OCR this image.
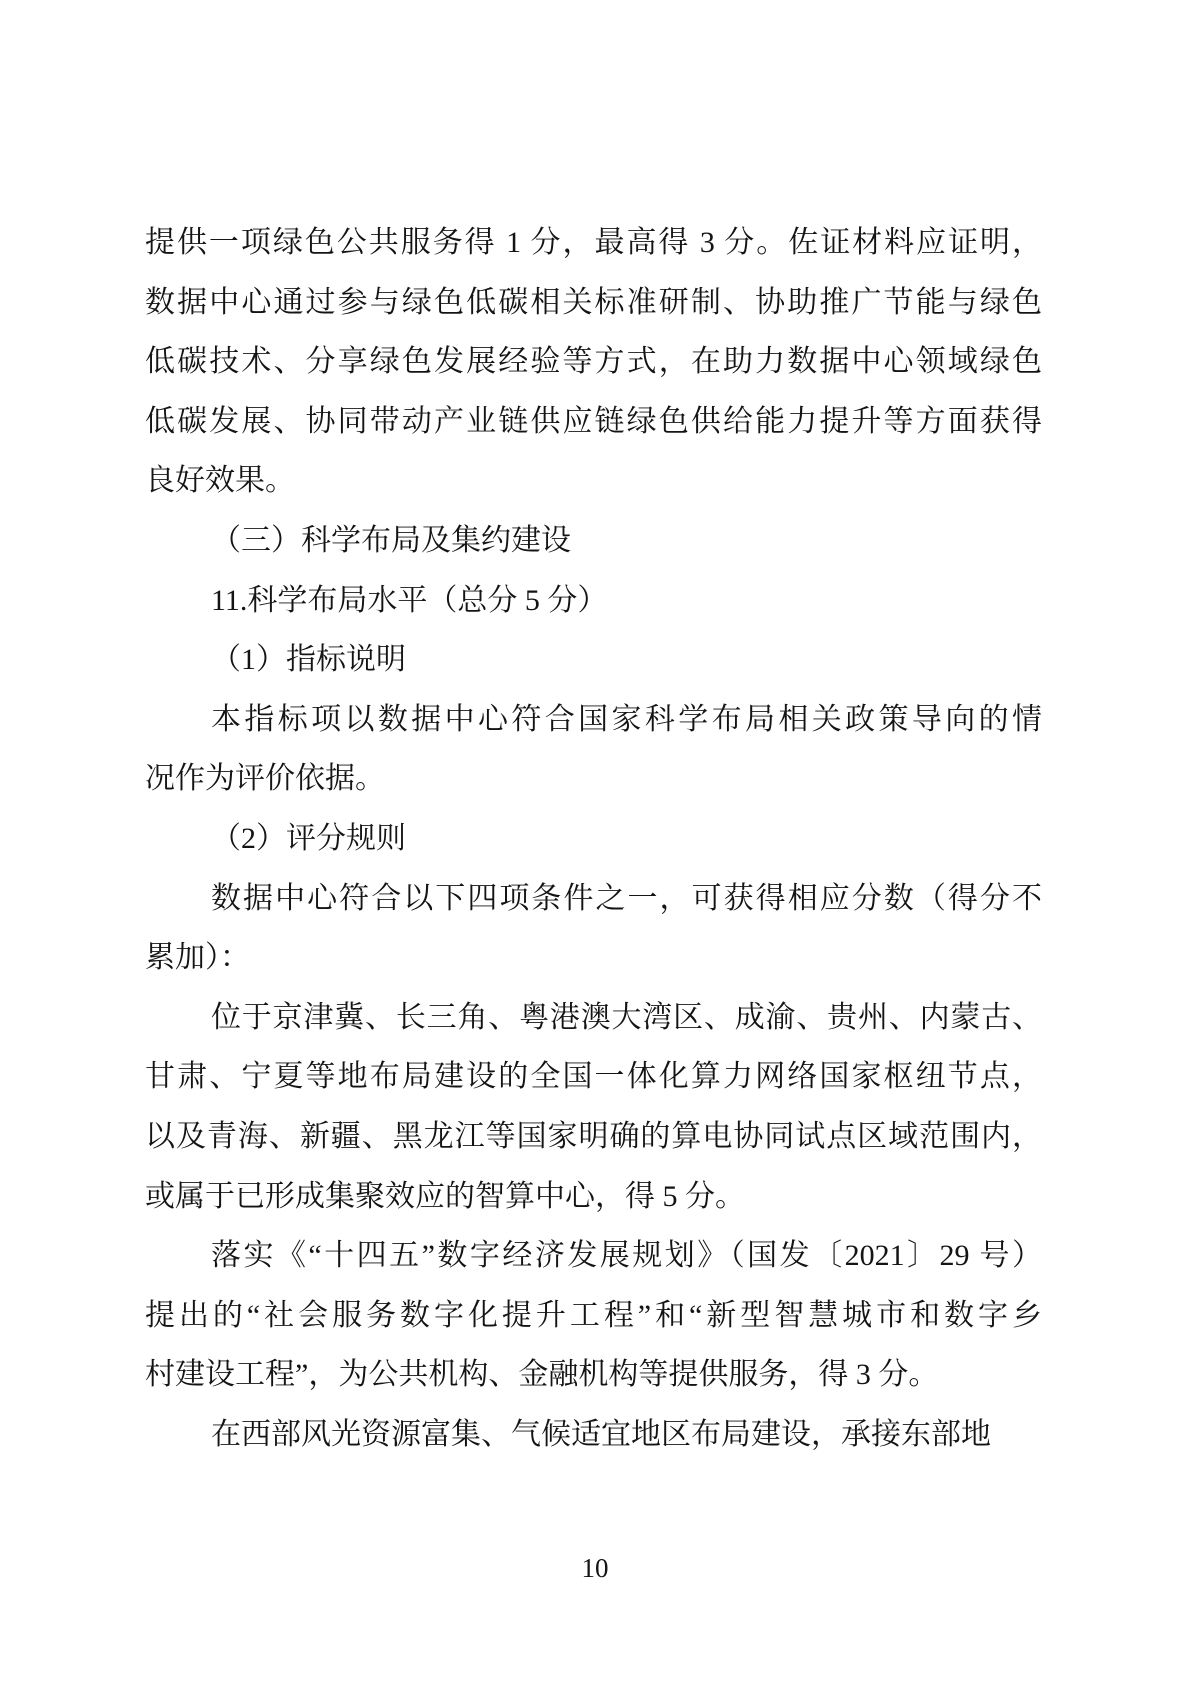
提供一项绿色公共服务得 1 分，最高得 3 分。佐证材料应证明，
数据中心通过参与绿色低碳相关标准研制、协助推广节能与绿色
低碳技术、分享绿色发展经验等方式，在助力数据中心领域绿色
低碳发展、协同带动产业链供应链绿色供给能力提升等方面获得
良好效果。
（三）科学布局及集约建设
11.科学布局水平（总分 5 分）
（1）指标说明
本指标项以数据中心符合国家科学布局相关政策导向的情
况作为评价依据。
（2）评分规则
数据中心符合以下四项条件之一，可获得相应分数（得分不
累加）：
位于京津冀、长三角、粤港澳大湾区、成渝、贵州、内蒙古、
甘肃、宁夏等地布局建设的全国一体化算力网络国家枢纽节点，
以及青海、新疆、黑龙江等国家明确的算电协同试点区域范围内，
或属于已形成集聚效应的智算中心，得 5 分。
落实《“十四五”数字经济发展规划》（国发〔2021〕29 号）
提出的“社会服务数字化提升工程”和“新型智慧城市和数字乡
村建设工程”，为公共机构、金融机构等提供服务，得 3 分。
在西部风光资源富集、气候适宜地区布局建设，承接东部地
10
